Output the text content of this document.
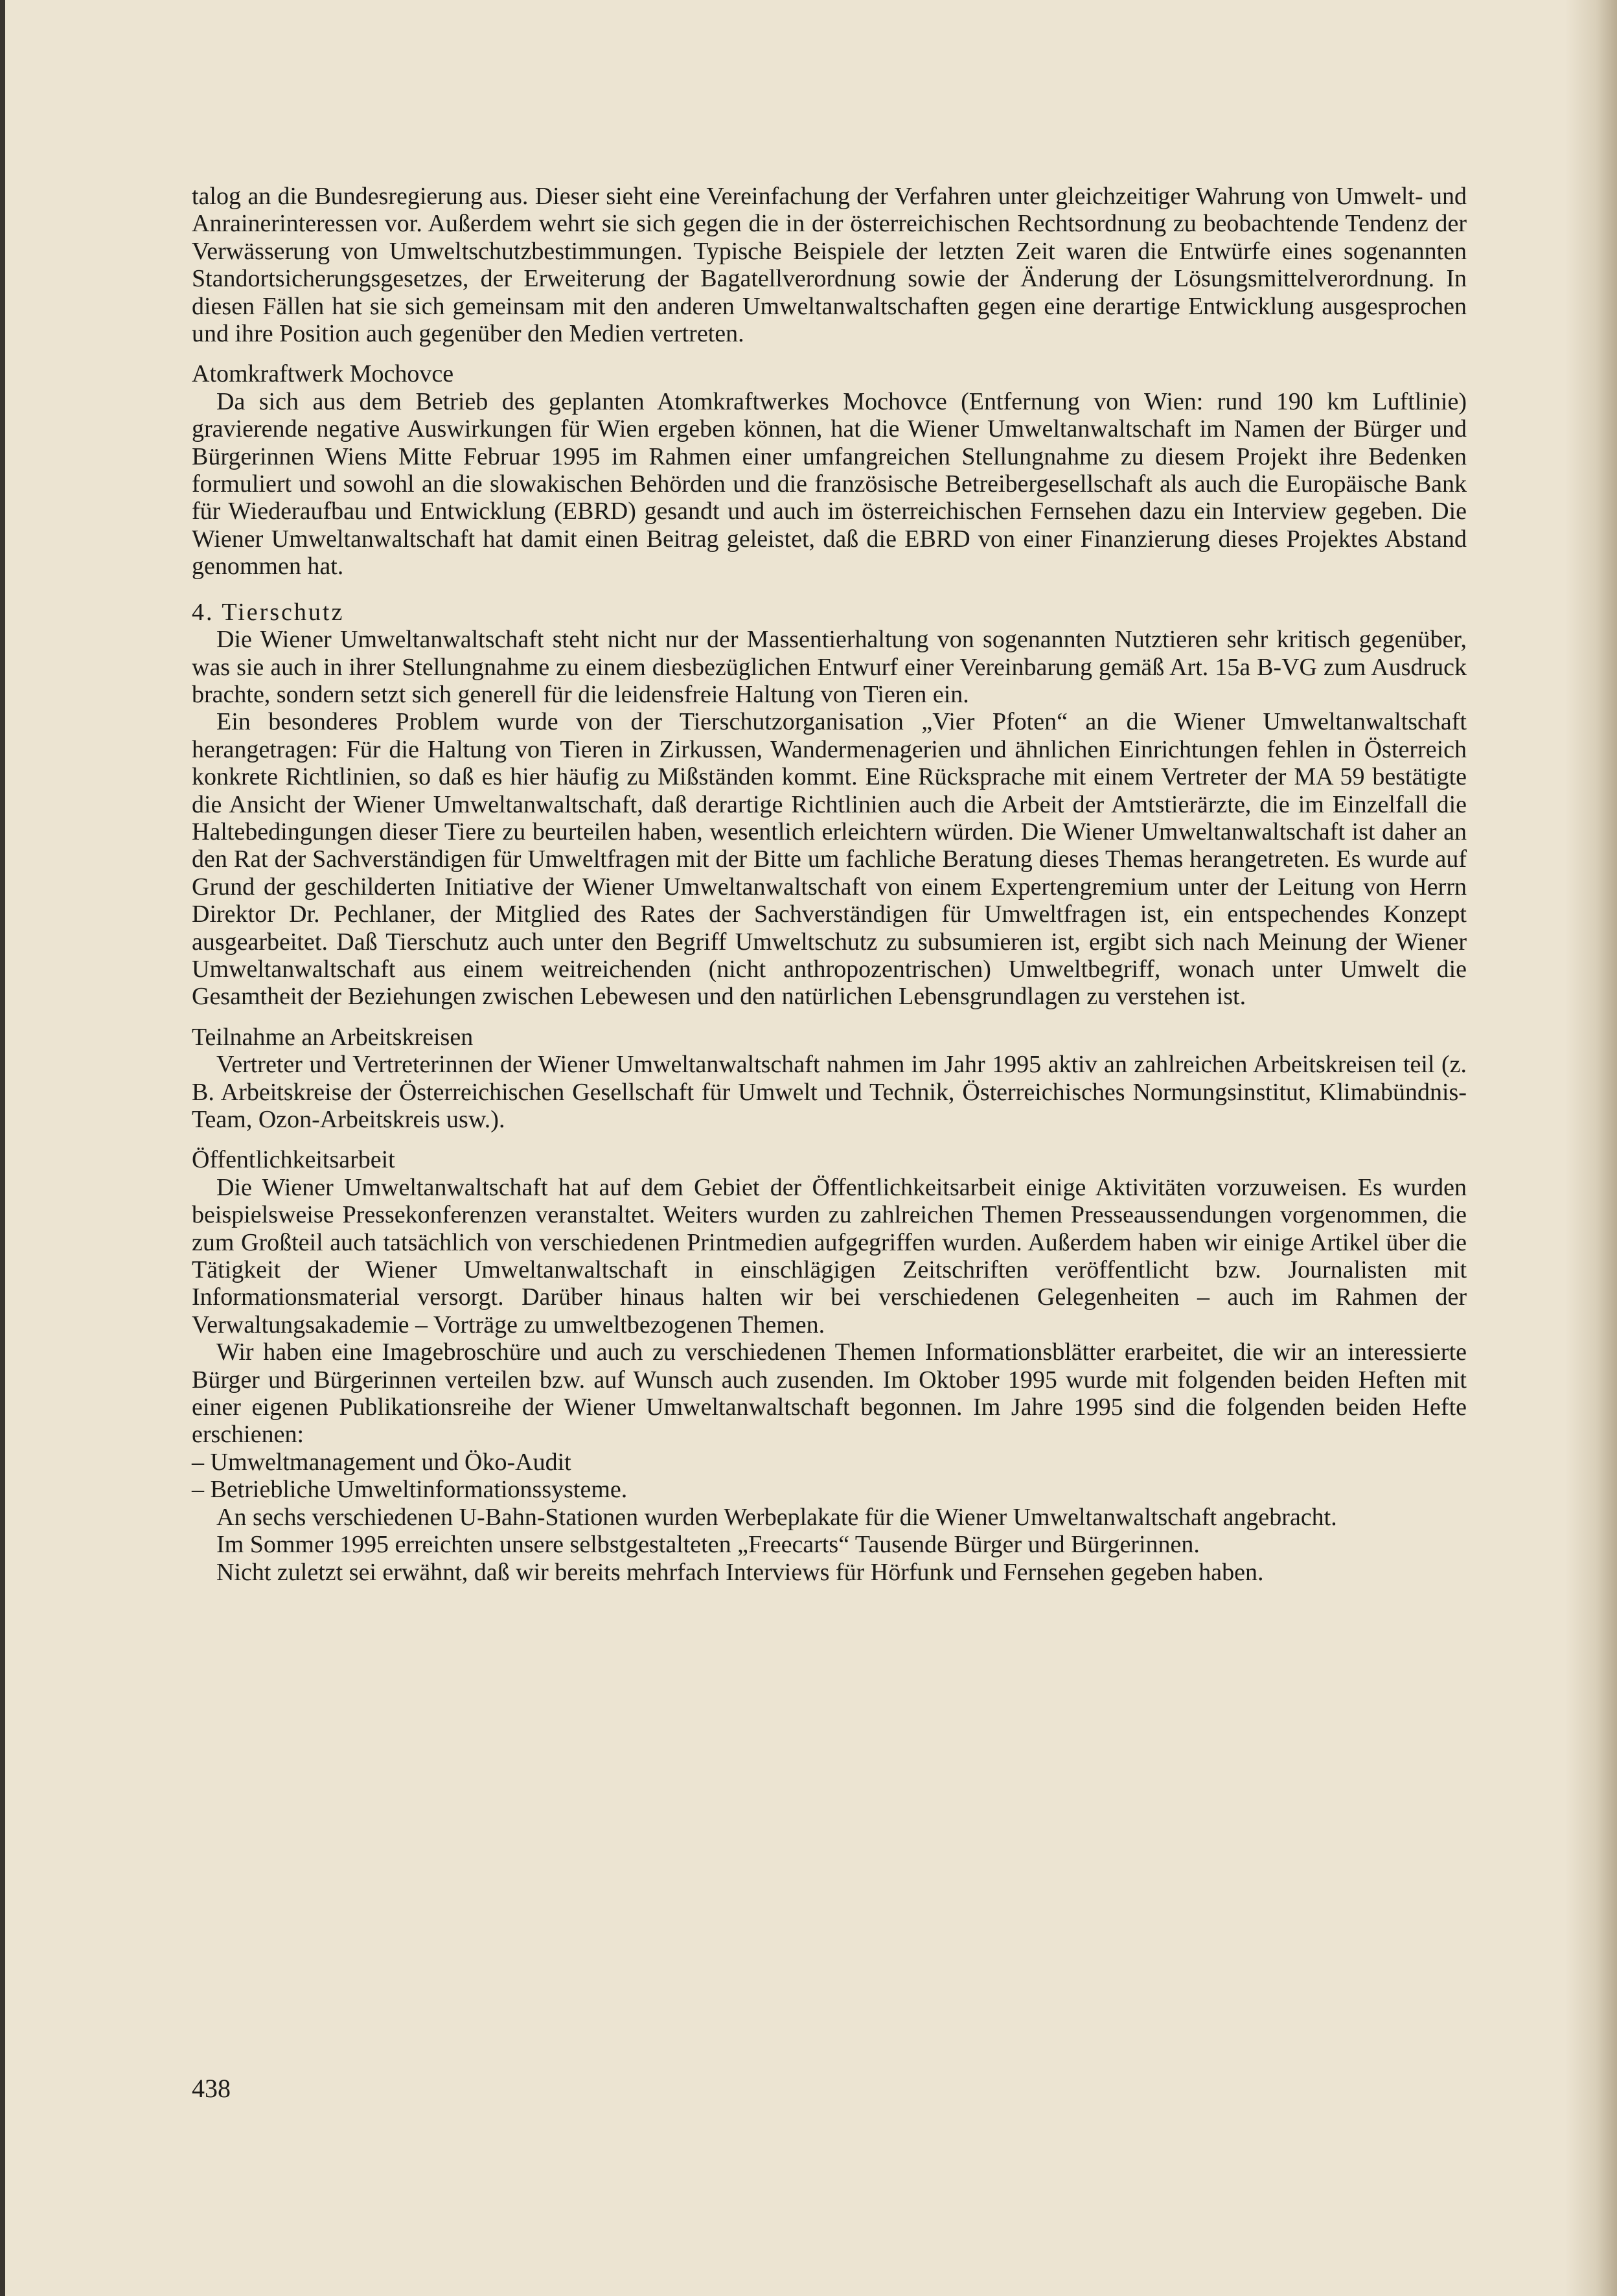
talog an die Bundesregierung aus. Dieser sieht eine Vereinfachung der Verfahren unter gleichzeitiger Wahrung von Umwelt- und Anrainerinteressen vor. Außerdem wehrt sie sich gegen die in der österreichischen Rechtsordnung zu beobachtende Tendenz der Verwässerung von Umweltschutzbestimmungen. Typische Beispiele der letzten Zeit waren die Entwürfe eines sogenannten Standortsicherungsgesetzes, der Erweiterung der Bagatellverordnung sowie der Änderung der Lösungsmittelverordnung. In diesen Fällen hat sie sich gemeinsam mit den anderen Umweltanwaltschaften gegen eine derartige Entwicklung ausgesprochen und ihre Position auch gegenüber den Medien vertreten.

Atomkraftwerk Mochovce

Da sich aus dem Betrieb des geplanten Atomkraftwerkes Mochovce (Entfernung von Wien: rund 190 km Luftlinie) gravierende negative Auswirkungen für Wien ergeben können, hat die Wiener Umweltanwaltschaft im Namen der Bürger und Bürgerinnen Wiens Mitte Februar 1995 im Rahmen einer umfangreichen Stellungnahme zu diesem Projekt ihre Bedenken formuliert und sowohl an die slowakischen Behörden und die französische Betreibergesellschaft als auch die Europäische Bank für Wiederaufbau und Entwicklung (EBRD) gesandt und auch im österreichischen Fernsehen dazu ein Interview gegeben. Die Wiener Umweltanwaltschaft hat damit einen Beitrag geleistet, daß die EBRD von einer Finanzierung dieses Projektes Abstand genommen hat.

4. Tierschutz

Die Wiener Umweltanwaltschaft steht nicht nur der Massentierhaltung von sogenannten Nutztieren sehr kritisch gegenüber, was sie auch in ihrer Stellungnahme zu einem diesbezüglichen Entwurf einer Vereinbarung gemäß Art. 15a B-VG zum Ausdruck brachte, sondern setzt sich generell für die leidensfreie Haltung von Tieren ein.

Ein besonderes Problem wurde von der Tierschutzorganisation „Vier Pfoten“ an die Wiener Umweltanwaltschaft herangetragen: Für die Haltung von Tieren in Zirkussen, Wandermenagerien und ähnlichen Einrichtungen fehlen in Österreich konkrete Richtlinien, so daß es hier häufig zu Mißständen kommt. Eine Rücksprache mit einem Vertreter der MA 59 bestätigte die Ansicht der Wiener Umweltanwaltschaft, daß derartige Richtlinien auch die Arbeit der Amtstierärzte, die im Einzelfall die Haltebedingungen dieser Tiere zu beurteilen haben, wesentlich erleichtern würden. Die Wiener Umweltanwaltschaft ist daher an den Rat der Sachverständigen für Umweltfragen mit der Bitte um fachliche Beratung dieses Themas herangetreten. Es wurde auf Grund der geschilderten Initiative der Wiener Umweltanwaltschaft von einem Expertengremium unter der Leitung von Herrn Direktor Dr. Pechlaner, der Mitglied des Rates der Sachverständigen für Umweltfragen ist, ein entspechendes Konzept ausgearbeitet. Daß Tierschutz auch unter den Begriff Umweltschutz zu subsumieren ist, ergibt sich nach Meinung der Wiener Umweltanwaltschaft aus einem weitreichenden (nicht anthropozentrischen) Umweltbegriff, wonach unter Umwelt die Gesamtheit der Beziehungen zwischen Lebewesen und den natürlichen Lebensgrundlagen zu verstehen ist.

Teilnahme an Arbeitskreisen

Vertreter und Vertreterinnen der Wiener Umweltanwaltschaft nahmen im Jahr 1995 aktiv an zahlreichen Arbeitskreisen teil (z. B. Arbeitskreise der Österreichischen Gesellschaft für Umwelt und Technik, Österreichisches Normungsinstitut, Klimabündnis-Team, Ozon-Arbeitskreis usw.).

Öffentlichkeitsarbeit

Die Wiener Umweltanwaltschaft hat auf dem Gebiet der Öffentlichkeitsarbeit einige Aktivitäten vorzuweisen. Es wurden beispielsweise Pressekonferenzen veranstaltet. Weiters wurden zu zahlreichen Themen Presseaussendungen vorgenommen, die zum Großteil auch tatsächlich von verschiedenen Printmedien aufgegriffen wurden. Außerdem haben wir einige Artikel über die Tätigkeit der Wiener Umweltanwaltschaft in einschlägigen Zeitschriften veröffentlicht bzw. Journalisten mit Informationsmaterial versorgt. Darüber hinaus halten wir bei verschiedenen Gelegenheiten – auch im Rahmen der Verwaltungsakademie – Vorträge zu umweltbezogenen Themen.

Wir haben eine Imagebroschüre und auch zu verschiedenen Themen Informationsblätter erarbeitet, die wir an interessierte Bürger und Bürgerinnen verteilen bzw. auf Wunsch auch zusenden. Im Oktober 1995 wurde mit folgenden beiden Heften mit einer eigenen Publikationsreihe der Wiener Umweltanwaltschaft begonnen. Im Jahre 1995 sind die folgenden beiden Hefte erschienen:

– Umweltmanagement und Öko-Audit

– Betriebliche Umweltinformationssysteme.

An sechs verschiedenen U-Bahn-Stationen wurden Werbeplakate für die Wiener Umweltanwaltschaft angebracht.

Im Sommer 1995 erreichten unsere selbstgestalteten „Freecarts“ Tausende Bürger und Bürgerinnen.

Nicht zuletzt sei erwähnt, daß wir bereits mehrfach Interviews für Hörfunk und Fernsehen gegeben haben.

438
